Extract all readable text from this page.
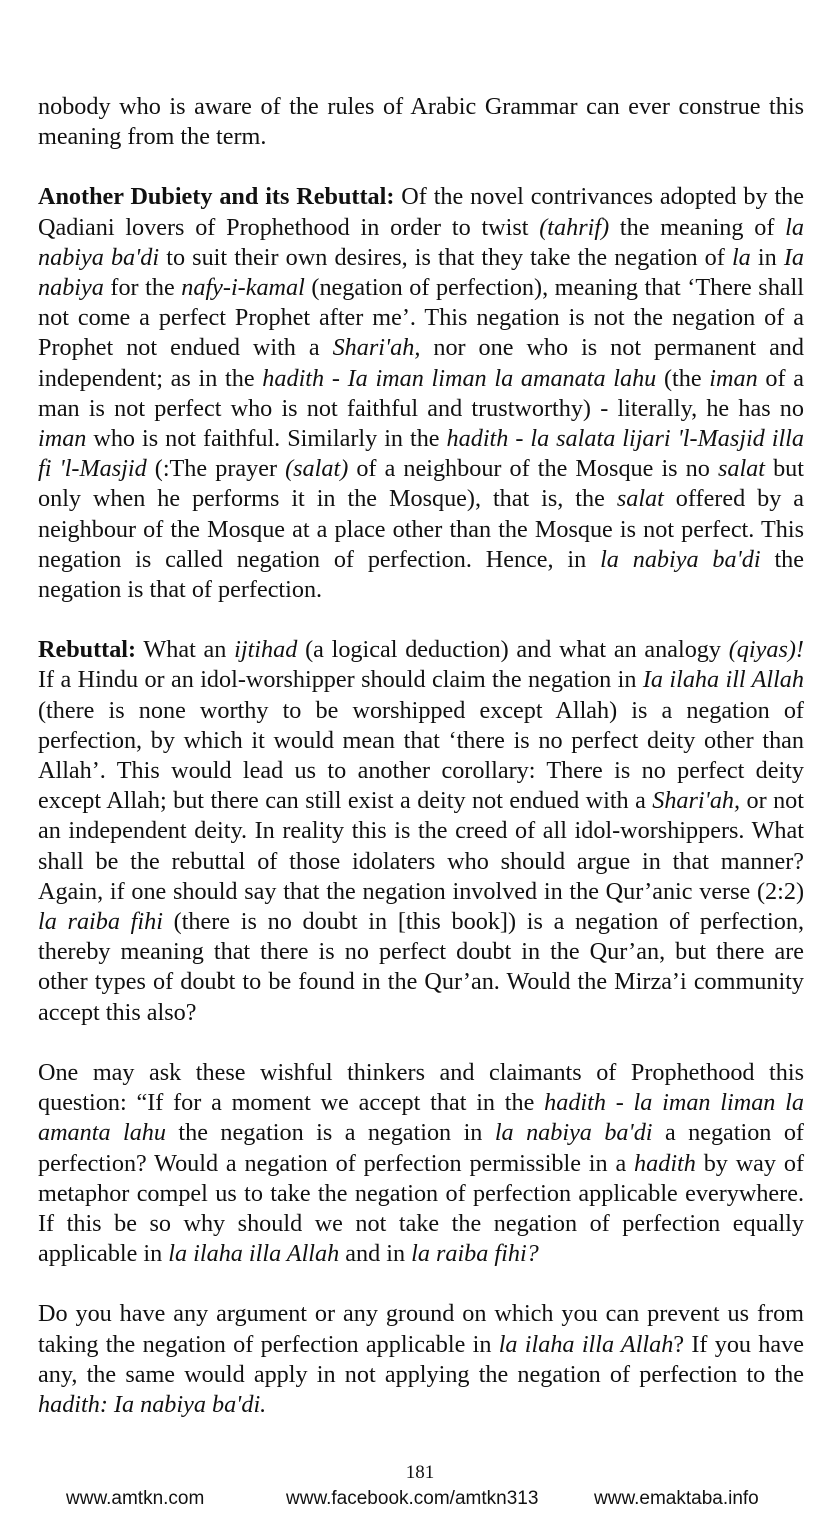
nobody who is aware of the rules of Arabic Grammar can ever construe this meaning from the term.

Another Dubiety and its Rebuttal: Of the novel contrivances adopted by the Qadiani lovers of Prophethood in order to twist (tahrif) the meaning of la nabiya ba'di to suit their own desires, is that they take the negation of la in Ia nabiya for the nafy-i-kamal (negation of perfection), meaning that ‘There shall not come a perfect Prophet after me’. This negation is not the negation of a Prophet not endued with a Shari'ah, nor one who is not permanent and independent; as in the hadith - Ia iman liman la amanata lahu (the iman of a man is not perfect who is not faithful and trustworthy) - literally, he has no iman who is not faithful. Similarly in the hadith - la salata lijari 'l-Masjid illa fi 'l-Masjid (:The prayer (salat) of a neighbour of the Mosque is no salat but only when he performs it in the Mosque), that is, the salat offered by a neighbour of the Mosque at a place other than the Mosque is not perfect. This negation is called negation of perfection. Hence, in la nabiya ba'di the negation is that of perfection.

Rebuttal: What an ijtihad (a logical deduction) and what an analogy (qiyas)! If a Hindu or an idol-worshipper should claim the negation in Ia ilaha ill Allah (there is none worthy to be worshipped except Allah) is a negation of perfection, by which it would mean that ‘there is no perfect deity other than Allah’. This would lead us to another corollary: There is no perfect deity except Allah; but there can still exist a deity not endued with a Shari'ah, or not an independent deity. In reality this is the creed of all idol-worshippers. What shall be the rebuttal of those idolaters who should argue in that manner? Again, if one should say that the negation involved in the Qur’anic verse (2:2) la raiba fihi (there is no doubt in [this book]) is a negation of perfection, thereby meaning that there is no perfect doubt in the Qur’an, but there are other types of doubt to be found in the Qur’an. Would the Mirza’i community accept this also?

One may ask these wishful thinkers and claimants of Prophethood this question: “If for a moment we accept that in the hadith - la iman liman la amanta lahu the negation is a negation in la nabiya ba'di a negation of perfection? Would a negation of perfection permissible in a hadith by way of metaphor compel us to take the negation of perfection applicable everywhere. If this be so why should we not take the negation of perfection equally applicable in la ilaha illa Allah and in la raiba fihi?

Do you have any argument or any ground on which you can prevent us from taking the negation of perfection applicable in la ilaha illa Allah? If you have any, the same would apply in not applying the negation of perfection to the hadith: Ia nabiya ba'di.

181
www.amtkn.com	www.facebook.com/amtkn313	www.emaktaba.info
